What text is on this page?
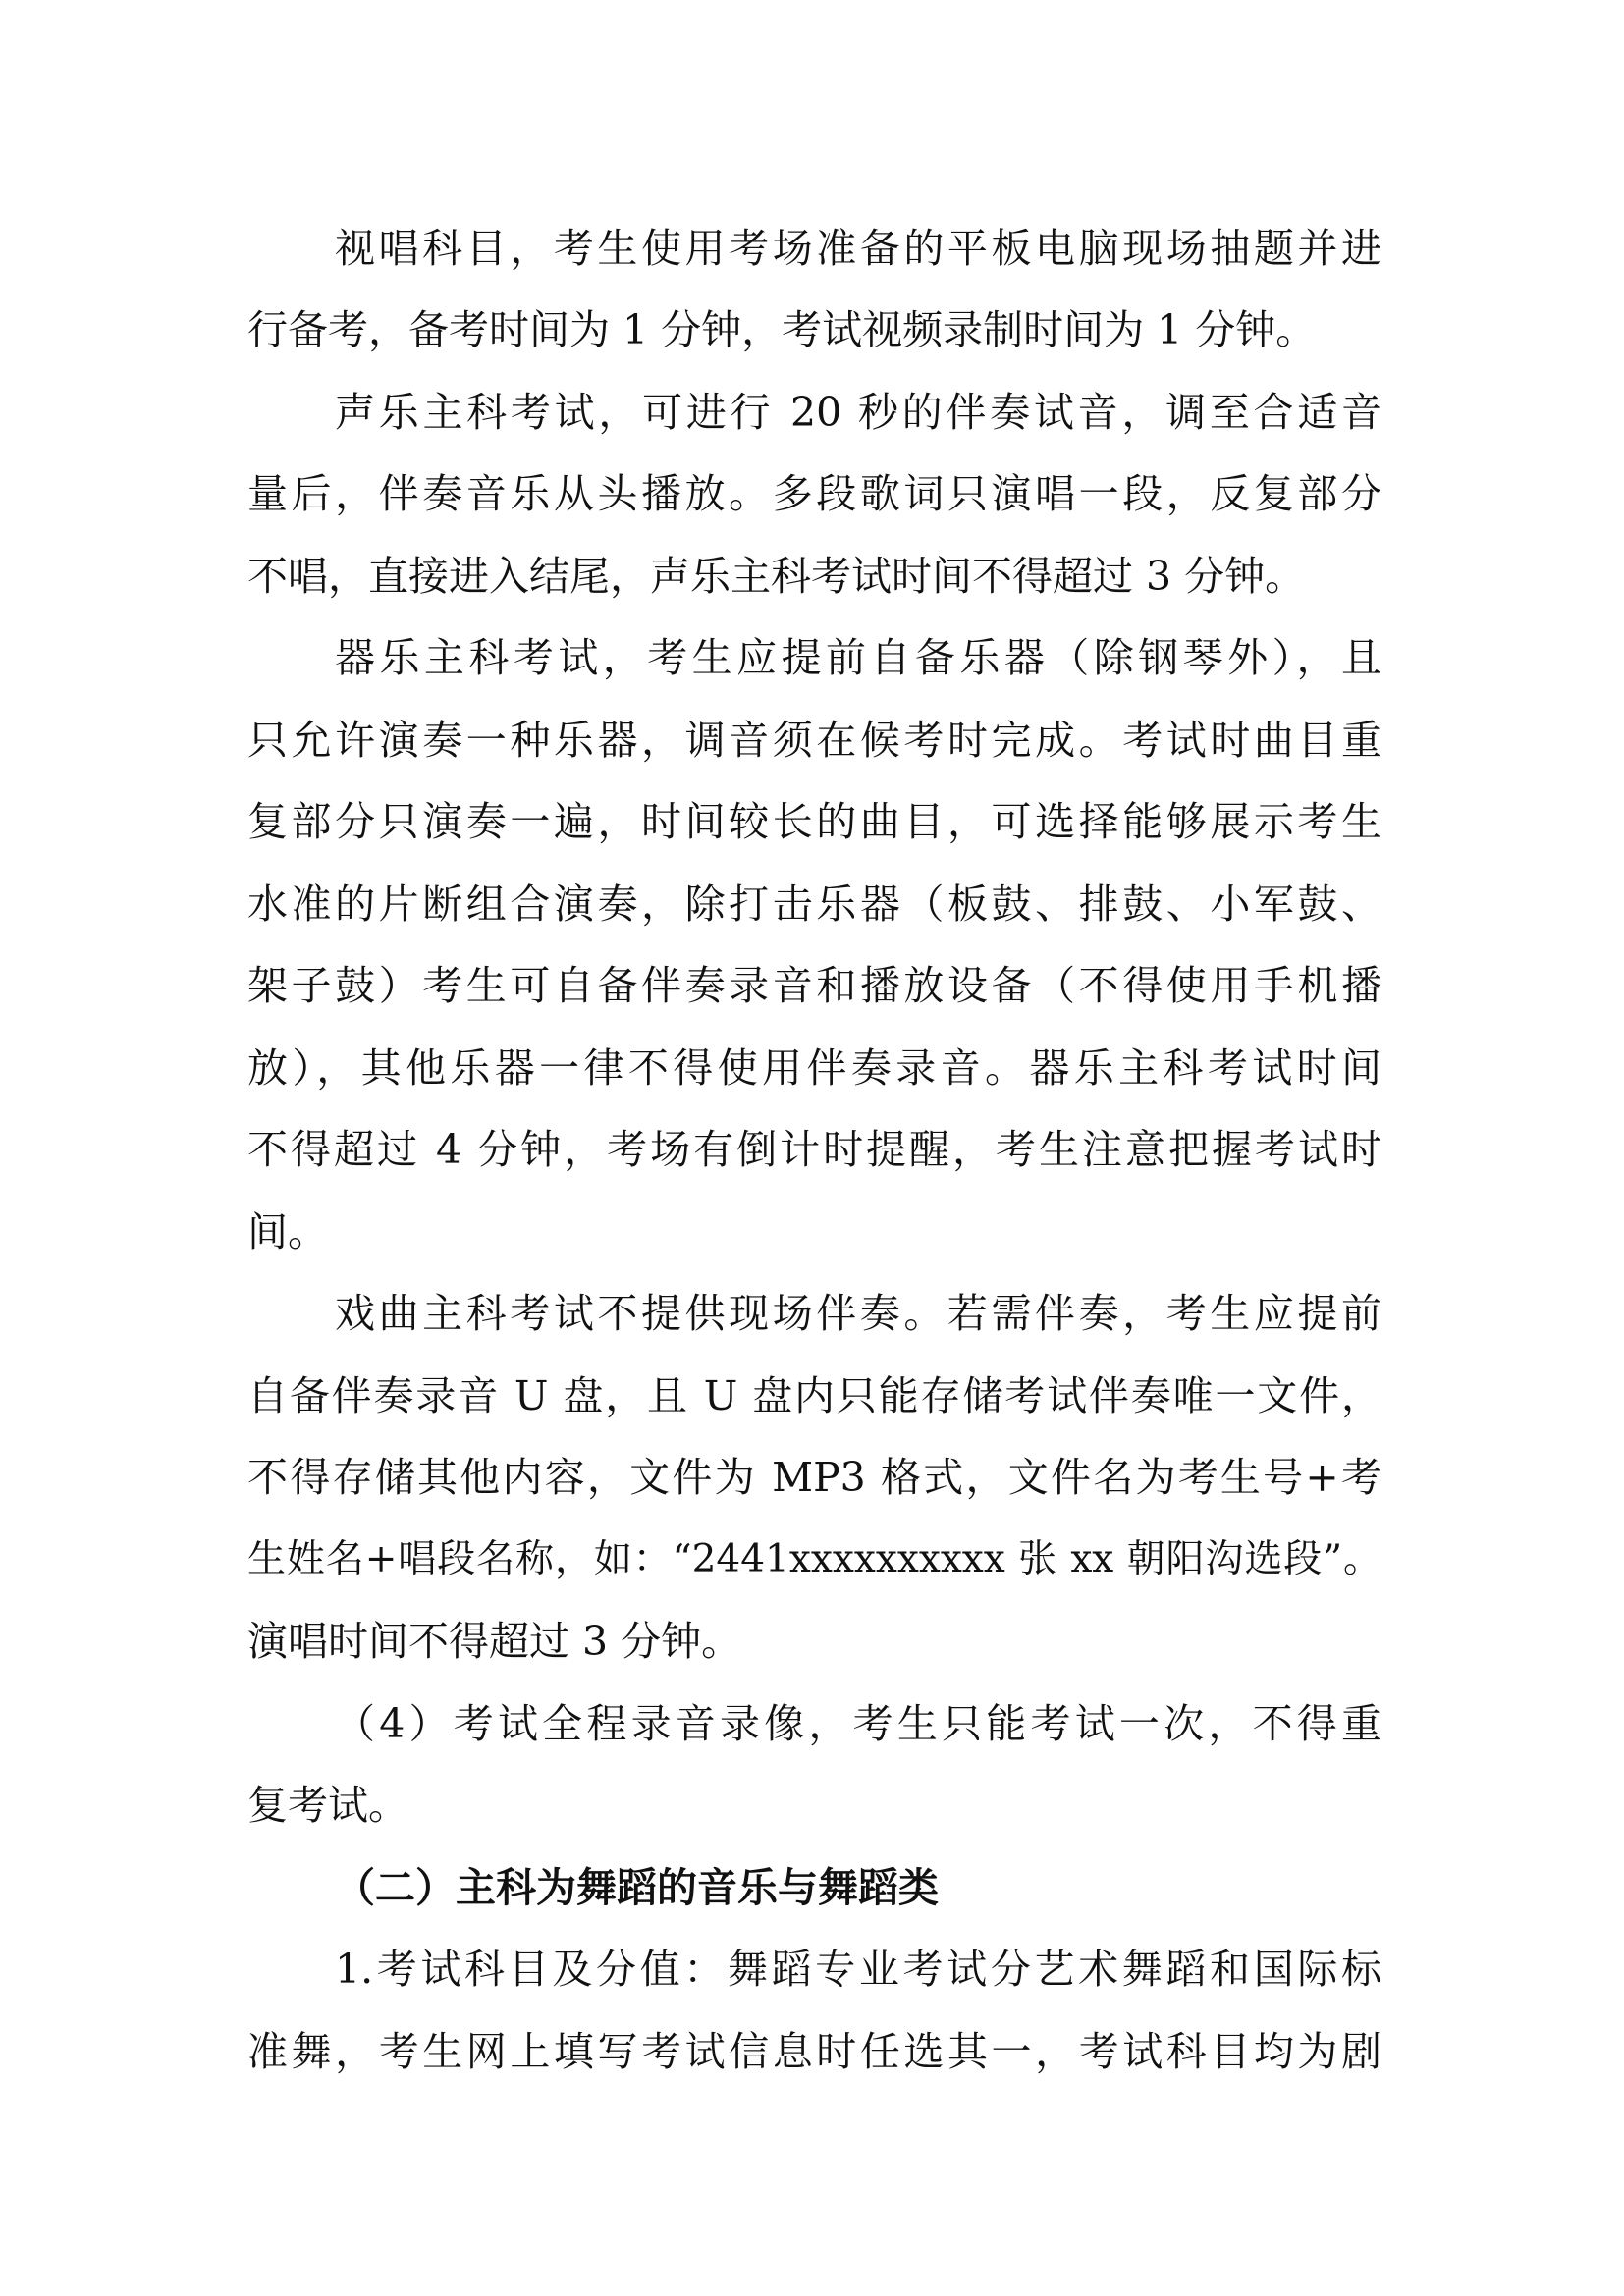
视唱科目，考生使用考场准备的平板电脑现场抽题并进
行备考，备考时间为 1 分钟，考试视频录制时间为 1 分钟。
声乐主科考试，可进行 20 秒的伴奏试音，调至合适音
量后，伴奏音乐从头播放。多段歌词只演唱一段，反复部分
不唱，直接进入结尾，声乐主科考试时间不得超过 3 分钟。
器乐主科考试，考生应提前自备乐器（除钢琴外），且
只允许演奏一种乐器，调音须在候考时完成。考试时曲目重
复部分只演奏一遍，时间较长的曲目，可选择能够展示考生
水准的片断组合演奏，除打击乐器（板鼓、排鼓、小军鼓、
架子鼓）考生可自备伴奏录音和播放设备（不得使用手机播
放），其他乐器一律不得使用伴奏录音。器乐主科考试时间
不得超过 4 分钟，考场有倒计时提醒，考生注意把握考试时
间。
戏曲主科考试不提供现场伴奏。若需伴奏，考生应提前
自备伴奏录音 U 盘，且 U 盘内只能存储考试伴奏唯一文件，
不得存储其他内容，文件为 MP3 格式，文件名为考生号+考
生姓名+唱段名称，如：“2441xxxxxxxxxx 张 xx 朝阳沟选段”。
演唱时间不得超过 3 分钟。
（4）考试全程录音录像，考生只能考试一次，不得重
复考试。
（二）主科为舞蹈的音乐与舞蹈类
1.考试科目及分值：舞蹈专业考试分艺术舞蹈和国际标
准舞，考生网上填写考试信息时任选其一，考试科目均为剧
